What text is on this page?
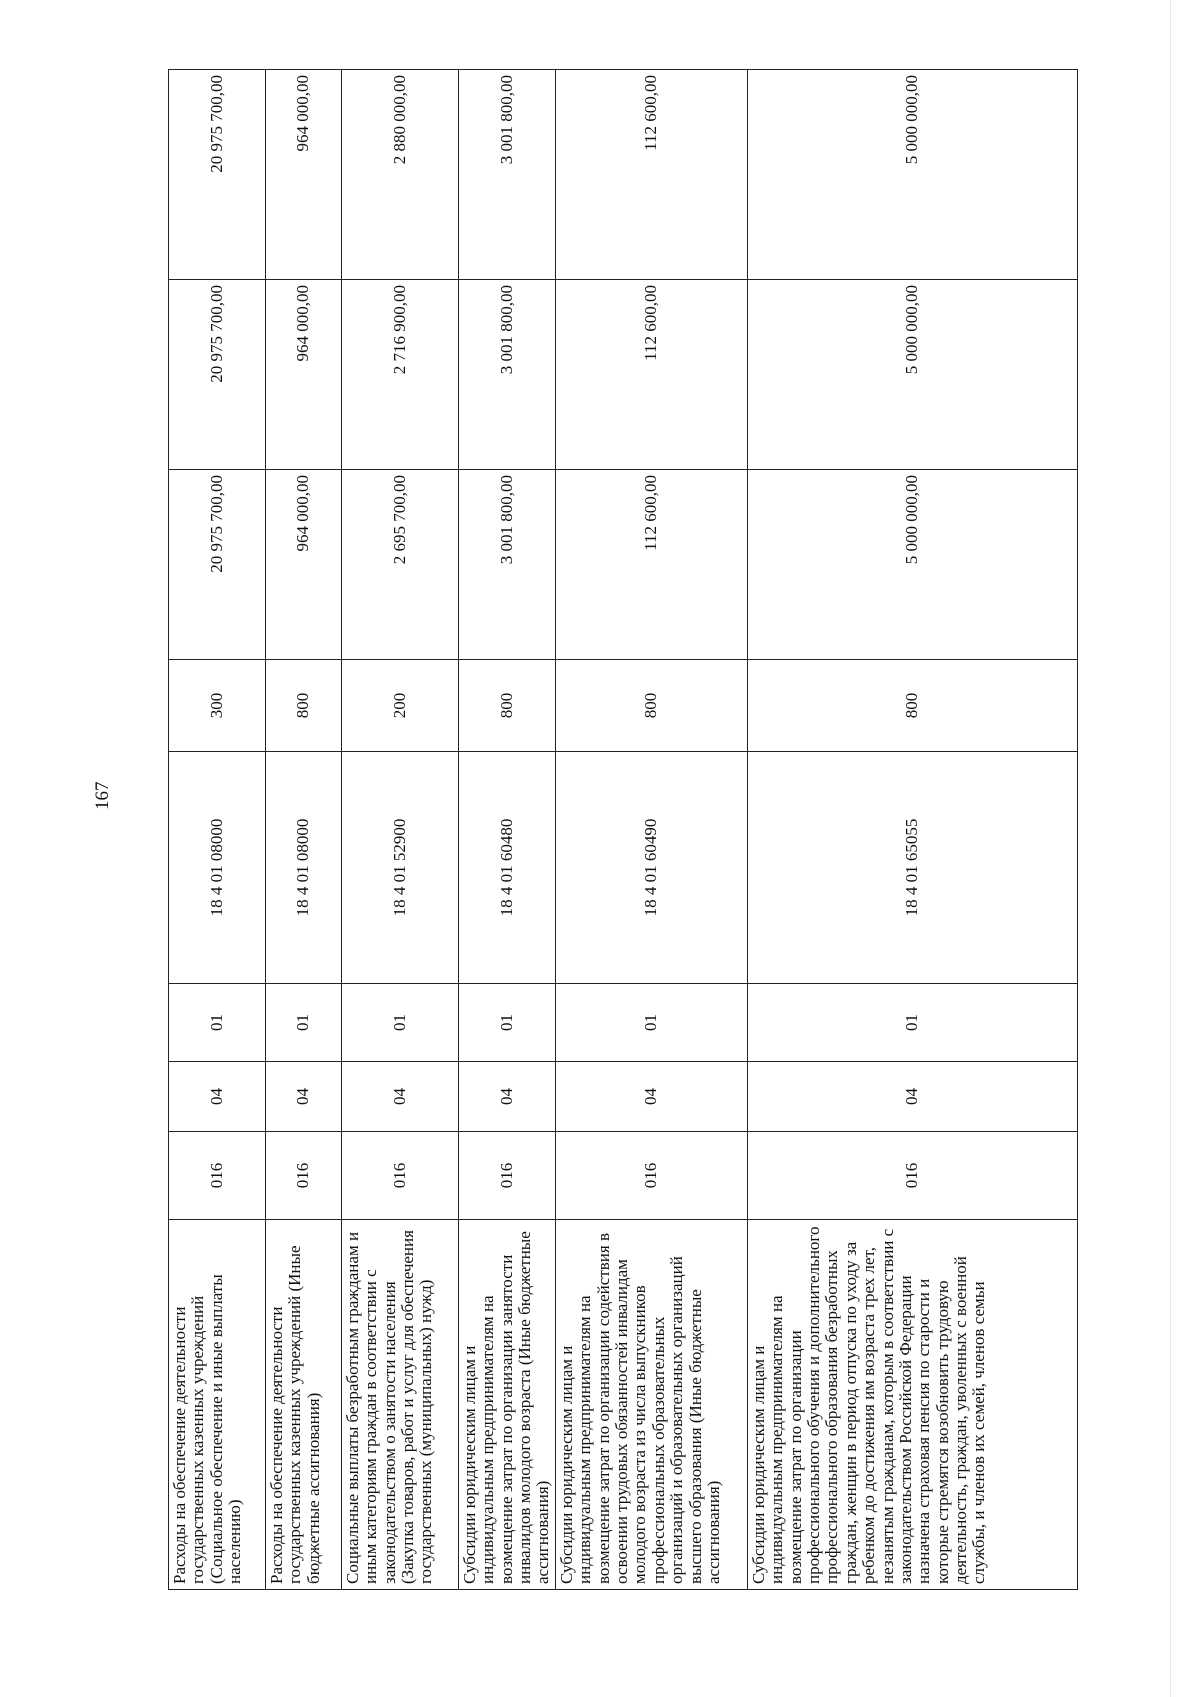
167
Расходы на обеспечение деятельности государственных казенных учреждений (Социальное обеспечение и иные выплаты населению)	016	04	01	18 4 01 08000	300	20 975 700,00	20 975 700,00	20 975 700,00
Расходы на обеспечение деятельности государственных казенных учреждений (Иные бюджетные ассигнования)	016	04	01	18 4 01 08000	800	964 000,00	964 000,00	964 000,00
Социальные выплаты безработным гражданам и иным категориям граждан в соответствии с законодательством о занятости населения (Закупка товаров, работ и услуг для обеспечения государственных (муниципальных) нужд)	016	04	01	18 4 01 52900	200	2 695 700,00	2 716 900,00	2 880 000,00
Субсидии юридическим лицам и индивидуальным предпринимателям на возмещение затрат по организации занятости инвалидов молодого возраста (Иные бюджетные ассигнования)	016	04	01	18 4 01 60480	800	3 001 800,00	3 001 800,00	3 001 800,00
Субсидии юридическим лицам и индивидуальным предпринимателям на возмещение затрат по организации содействия в освоении трудовых обязанностей инвалидам молодого возраста из числа выпускников профессиональных образовательных организаций и образовательных организаций высшего образования (Иные бюджетные ассигнования)	016	04	01	18 4 01 60490	800	112 600,00	112 600,00	112 600,00
Субсидии юридическим лицам и индивидуальным предпринимателям на возмещение затрат по организации профессионального обучения и дополнительного профессионального образования безработных граждан, женщин в период отпуска по уходу за ребенком до достижения им возраста трех лет, незанятым гражданам, которым в соответствии с законодательством Российской Федерации назначена страховая пенсия по старости и которые стремятся возобновить трудовую деятельность, граждан, уволенных с военной службы, и членов их семей, членов семьи	016	04	01	18 4 01 65055	800	5 000 000,00	5 000 000,00	5 000 000,00
